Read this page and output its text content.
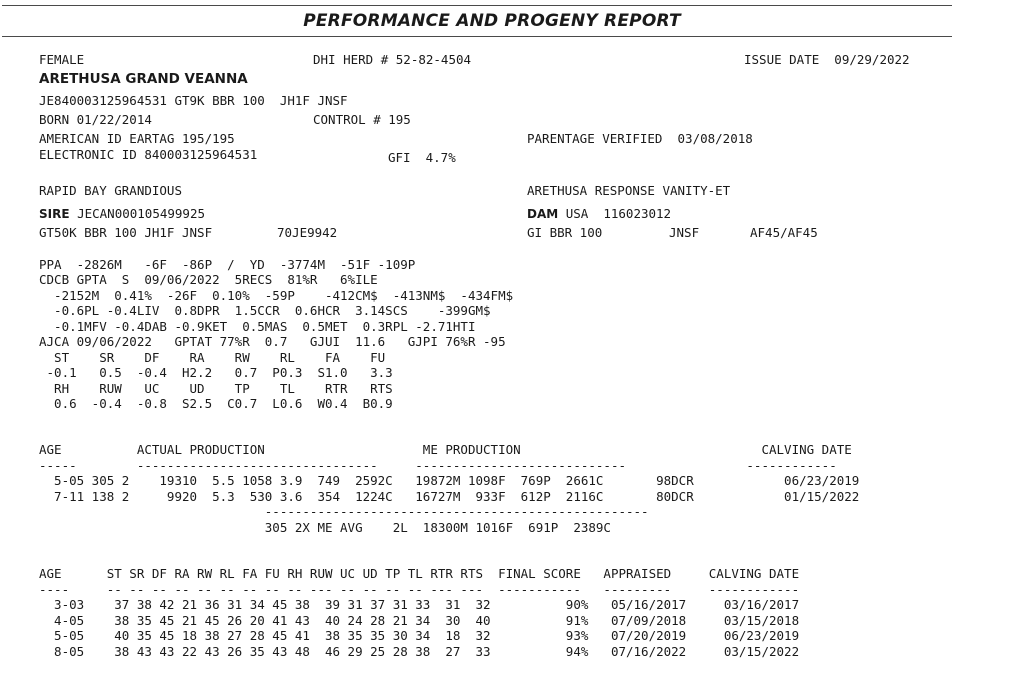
PERFORMANCE AND PROGENY REPORT
FEMALE	DHI HERD # 52-82-4504	ISSUE DATE  09/29/2022
ARETHUSA GRAND VEANNA
JE840003125964531 GT9K BBR 100  JH1F JNSF
BORN 01/22/2014	CONTROL # 195
AMERICAN ID EARTAG 195/195	PARENTAGE VERIFIED  03/08/2018
ELECTRONIC ID 840003125964531	GFI  4.7%
RAPID BAY GRANDIOUS	ARETHUSA RESPONSE VANITY-ET
SIRE JECAN000105499925	DAM USA  116023012
GT50K BBR 100 JH1F JNSF	70JE9942	GI BBR 100	JNSF	AF45/AF45
PPA  -2826M   -6F  -86P  /  YD  -3774M  -51F -109P
CDCB GPTA  S  09/06/2022  5RECS  81%R   6%ILE
-2152M  0.41%  -26F  0.10%  -59P    -412CM$  -413NM$  -434FM$
-0.6PL -0.4LIV  0.8DPR  1.5CCR  0.6HCR  3.14SCS    -399GM$
-0.1MFV -0.4DAB -0.9KET  0.5MAS  0.5MET  0.3RPL -2.71HTI
AJCA 09/06/2022   GPTAT 77%R  0.7   GJUI  11.6   GJPI 76%R -95
ST    SR    DF    RA    RW    RL    FA    FU
-0.1   0.5  -0.4  H2.2   0.7  P0.3  S1.0   3.3
RH    RUW   UC    UD    TP    TL    RTR   RTS
0.6  -0.4  -0.8  S2.5  C0.7  L0.6  W0.4  B0.9
AGE          ACTUAL PRODUCTION                     ME PRODUCTION                                CALVING DATE
-----        --------------------------------     ----------------------------                ------------
5-05 305 2    19310  5.5 1058 3.9  749  2592C   19872M 1098F  769P  2661C       98DCR            06/23/2019
7-11 138 2     9920  5.3  530 3.6  354  1224C   16727M  933F  612P  2116C       80DCR            01/15/2022
---------------------------------------------------
305 2X ME AVG    2L  18300M 1016F  691P  2389C
AGE      ST SR DF RA RW RL FA FU RH RUW UC UD TP TL RTR RTS  FINAL SCORE   APPRAISED     CALVING DATE
----     -- -- -- -- -- -- -- -- -- --- -- -- -- -- --- ---  -----------   ---------     ------------
3-03    37 38 42 21 36 31 34 45 38  39 31 37 31 33  31  32          90%   05/16/2017     03/16/2017
4-05    38 35 45 21 45 26 20 41 43  40 24 28 21 34  30  40          91%   07/09/2018     03/15/2018
5-05    40 35 45 18 38 27 28 45 41  38 35 35 30 34  18  32          93%   07/20/2019     06/23/2019
8-05    38 43 43 22 43 26 35 43 48  46 29 25 28 38  27  33          94%   07/16/2022     03/15/2022
